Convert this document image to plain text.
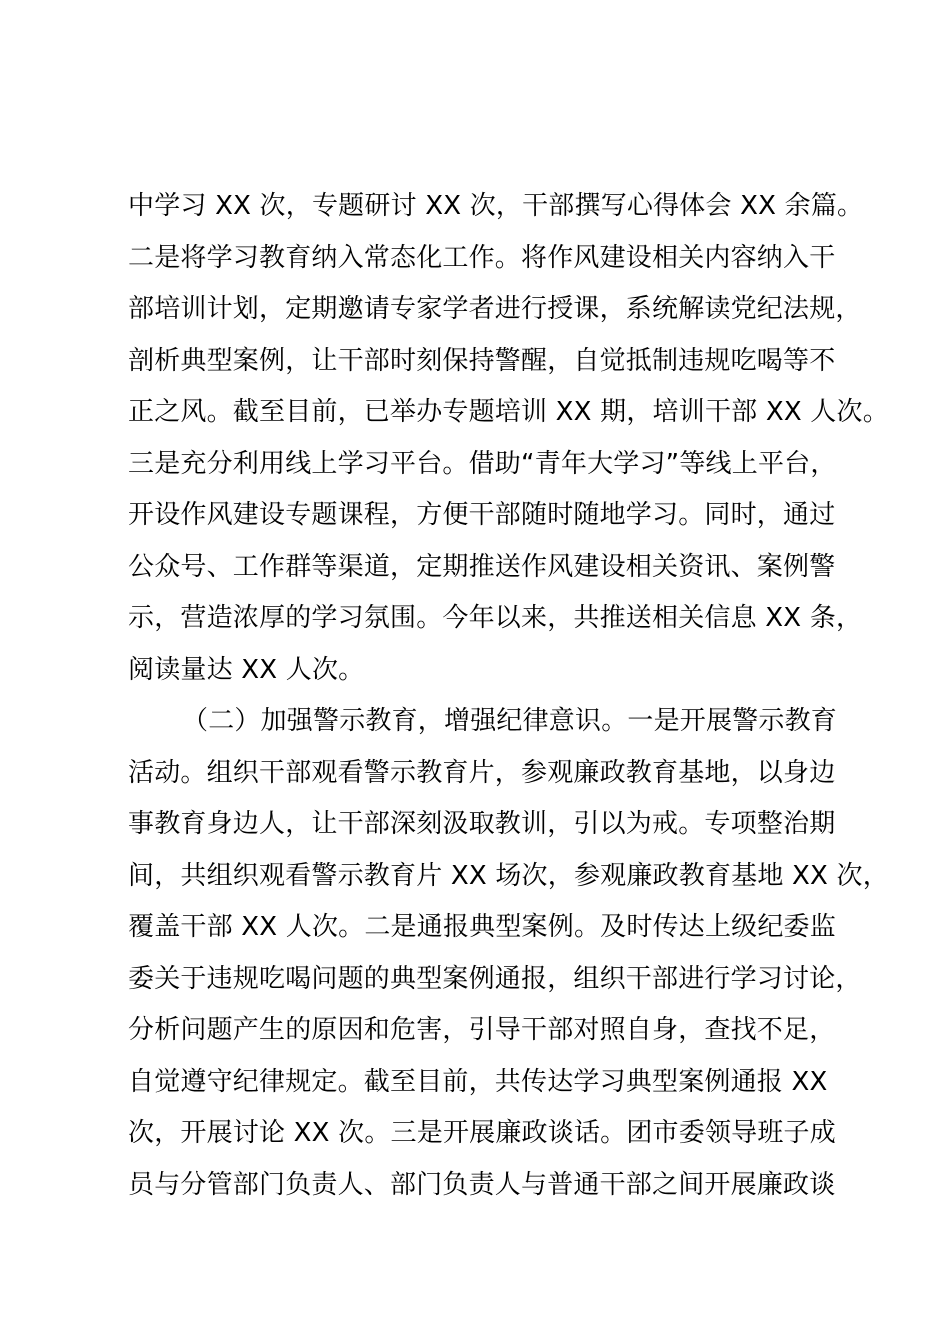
中学习 XX 次，专题研讨 XX 次，干部撰写心得体会 XX 余篇。
二是将学习教育纳入常态化工作。将作风建设相关内容纳入干
部培训计划，定期邀请专家学者进行授课，系统解读党纪法规，
剖析典型案例，让干部时刻保持警醒，自觉抵制违规吃喝等不
正之风。截至目前，已举办专题培训 XX 期，培训干部 XX 人次。
三是充分利用线上学习平台。借助“青年大学习”等线上平台，
开设作风建设专题课程，方便干部随时随地学习。同时，通过
公众号、工作群等渠道，定期推送作风建设相关资讯、案例警
示，营造浓厚的学习氛围。今年以来，共推送相关信息 XX 条，
阅读量达 XX 人次。
（二）加强警示教育，增强纪律意识。一是开展警示教育
活动。组织干部观看警示教育片，参观廉政教育基地，以身边
事教育身边人，让干部深刻汲取教训，引以为戒。专项整治期
间，共组织观看警示教育片 XX 场次，参观廉政教育基地 XX 次，
覆盖干部 XX 人次。二是通报典型案例。及时传达上级纪委监
委关于违规吃喝问题的典型案例通报，组织干部进行学习讨论，
分析问题产生的原因和危害，引导干部对照自身，查找不足，
自觉遵守纪律规定。截至目前，共传达学习典型案例通报 XX
次，开展讨论 XX 次。三是开展廉政谈话。团市委领导班子成
员与分管部门负责人、部门负责人与普通干部之间开展廉政谈
